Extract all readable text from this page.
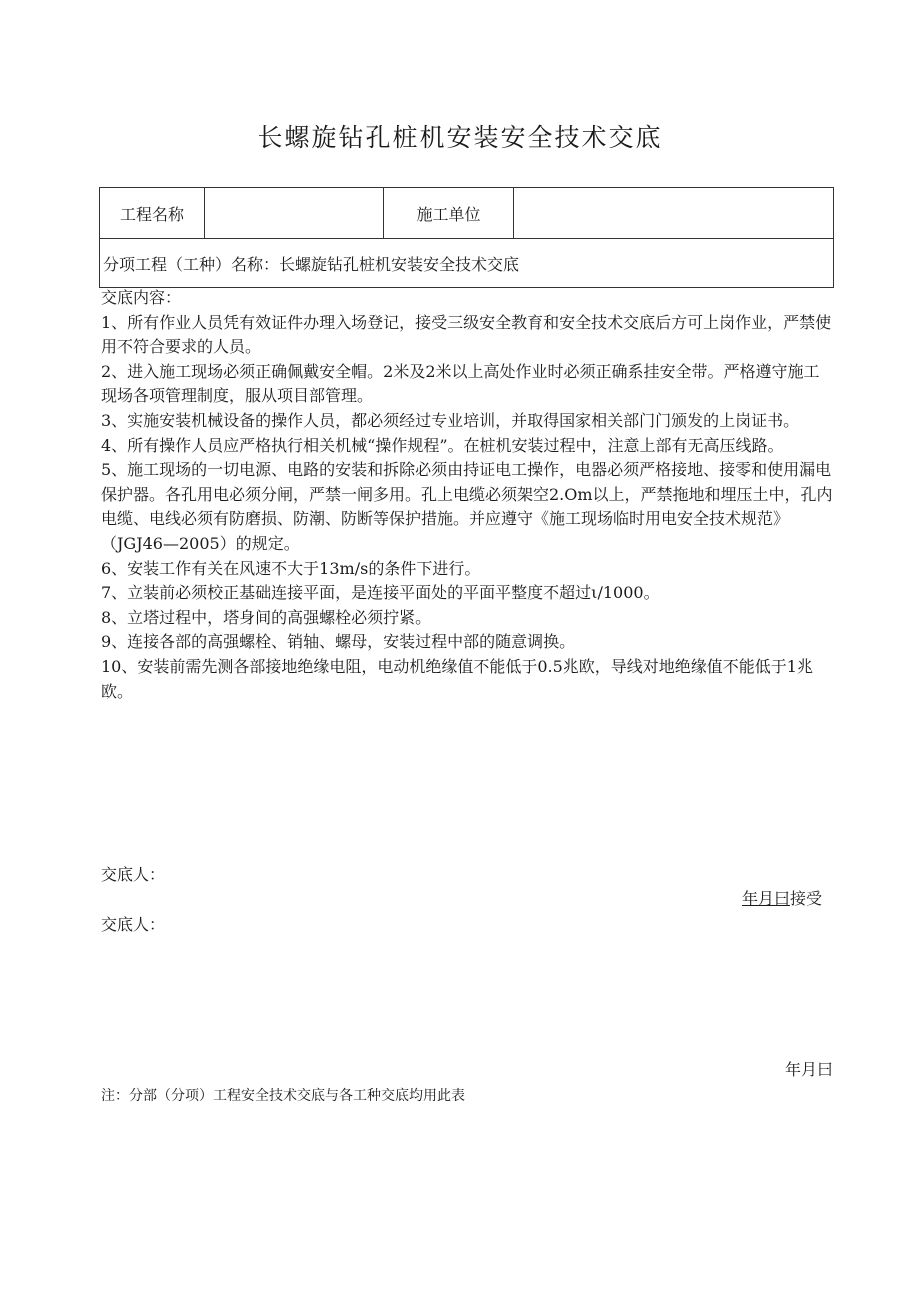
长螺旋钻孔桩机安装安全技术交底
工程名称		施工单位	
分项工程（工种）名称：长螺旋钻孔桩机安装安全技术交底

交底内容：

1、所有作业人员凭有效证件办理入场登记，接受三级安全教育和安全技术交底后方可上岗作业，严禁使用不符合要求的人员。

2、进入施工现场必须正确佩戴安全帽。2米及2米以上高处作业时必须正确系挂安全带。严格遵守施工现场各项管理制度，服从项目部管理。

3、实施安装机械设备的操作人员，都必须经过专业培训，并取得国家相关部门门颁发的上岗证书。

4、所有操作人员应严格执行相关机械“操作规程”。在桩机安装过程中，注意上部有无高压线路。

5、施工现场的一切电源、电路的安装和拆除必须由持证电工操作，电器必须严格接地、接零和使用漏电保护器。各孔用电必须分闸，严禁一闸多用。孔上电缆必须架空2.Om以上，严禁拖地和埋压土中，孔内电缆、电线必须有防磨损、防潮、防断等保护措施。并应遵守《施工现场临时用电安全技术规范》（JGJ46—2005）的规定。

6、安装工作有关在风速不大于13m∕s的条件下进行。

7、立装前必须校正基础连接平面，是连接平面处的平面平整度不超过ι∕1000。

8、立塔过程中，塔身间的高强螺栓必须拧紧。

9、连接各部的高强螺栓、销轴、螺母，安装过程中部的随意调换。

10、安装前需先测各部接地绝缘电阻，电动机绝缘值不能低于0.5兆欧，导线对地绝缘值不能低于1兆欧。

交底人：
年月曰接受
交底人：
年月曰
注：分部（分项）工程安全技术交底与各工种交底均用此表
